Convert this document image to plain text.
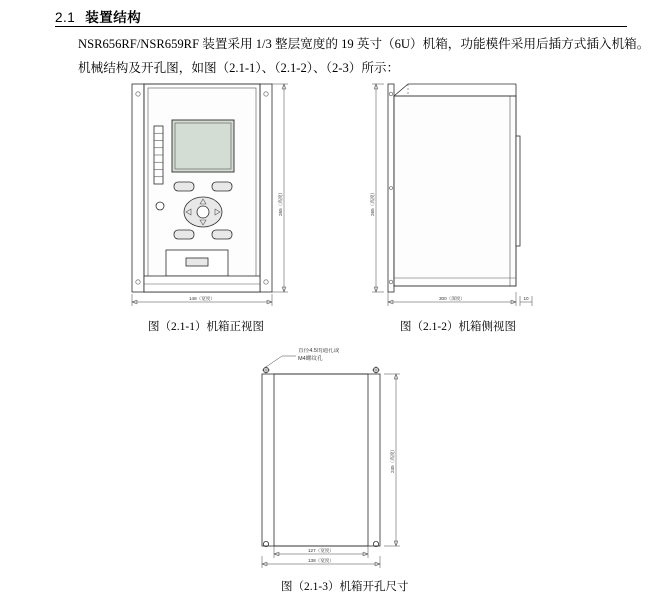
2.1 装置结构
NSR656RF/NSR659RF 装置采用 1/3 整层宽度的 19 英寸（6U）机箱，功能模件采用后插方式插入机箱。
机械结构及开孔图，如图（2.1-1）、（2.1-2）、（2-3）所示：
265（高度）
148（宽度）
265（高度）
300（深度）	10
直径4.5的通孔或
M4螺纹孔
245（高度）
127（宽度）
138（宽度）
图（2.1-1）机箱正视图	图（2.1-2）机箱侧视图
图（2.1-3）机箱开孔尺寸
